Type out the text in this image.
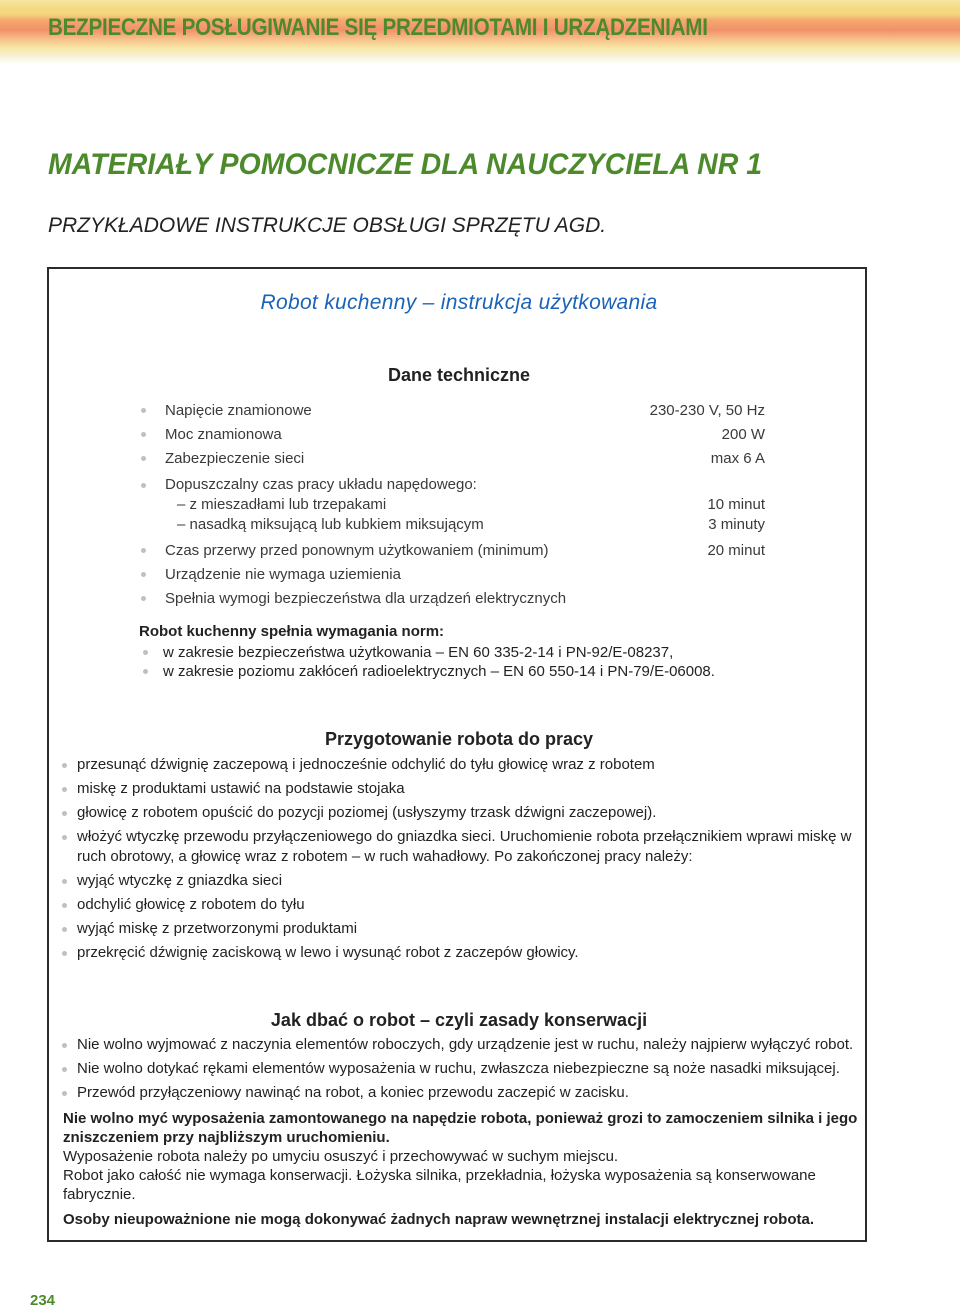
BEZPIECZNE POSŁUGIWANIE SIĘ PRZEDMIOTAMI I URZĄDZENIAMI
MATERIAŁY POMOCNICZE DLA NAUCZYCIELA NR 1
PRZYKŁADOWE INSTRUKCJE OBSŁUGI SPRZĘTU AGD.
Robot kuchenny – instrukcja użytkowania
Dane techniczne
Napięcie znamionowe	230-230 V, 50 Hz
Moc znamionowa	200 W
Zabezpieczenie sieci	max 6 A
Dopuszczalny czas pracy układu napędowego:
– z mieszadłami lub trzepakami	10 minut
– nasadką miksującą lub kubkiem miksującym	3 minuty
Czas przerwy przed ponownym użytkowaniem (minimum)	20 minut
Urządzenie nie wymaga uziemienia
Spełnia wymogi bezpieczeństwa dla urządzeń elektrycznych
Robot kuchenny spełnia wymagania norm:
w zakresie bezpieczeństwa użytkowania – EN 60 335-2-14 i PN-92/E-08237,
w zakresie poziomu zakłóceń radioelektrycznych – EN 60 550-14 i PN-79/E-06008.
Przygotowanie robota do pracy
przesunąć dźwignię zaczepową i jednocześnie odchylić do tyłu głowicę wraz z robotem
miskę z produktami ustawić na podstawie stojaka
głowicę z robotem opuścić do pozycji poziomej (usłyszymy trzask dźwigni zaczepowej).
włożyć wtyczkę przewodu przyłączeniowego do gniazdka sieci. Uruchomienie robota przełącznikiem wprawi miskę w ruch obrotowy, a głowicę wraz z robotem – w ruch wahadłowy. Po zakończonej pracy należy:
wyjąć wtyczkę z gniazdka sieci
odchylić głowicę z robotem do tyłu
wyjąć miskę z przetworzonymi produktami
przekręcić dźwignię zaciskową w lewo i wysunąć robot z zaczepów głowicy.
Jak dbać o robot – czyli zasady konserwacji
Nie wolno wyjmować z naczynia elementów roboczych, gdy urządzenie jest w ruchu, należy najpierw wyłączyć robot.
Nie wolno dotykać rękami elementów wyposażenia w ruchu, zwłaszcza niebezpieczne są noże nasadki miksującej.
Przewód przyłączeniowy nawinąć na robot, a koniec przewodu zaczepić w zacisku.
Nie wolno myć wyposażenia zamontowanego na napędzie robota, ponieważ grozi to zamoczeniem silnika i jego zniszczeniem przy najbliższym uruchomieniu.
Wyposażenie robota należy po umyciu osuszyć i przechowywać w suchym miejscu.
Robot jako całość nie wymaga konserwacji. Łożyska silnika, przekładnia, łożyska wyposażenia są konserwowane fabrycznie.
Osoby nieupoważnione nie mogą dokonywać żadnych napraw wewnętrznej instalacji elektrycznej robota.
234
